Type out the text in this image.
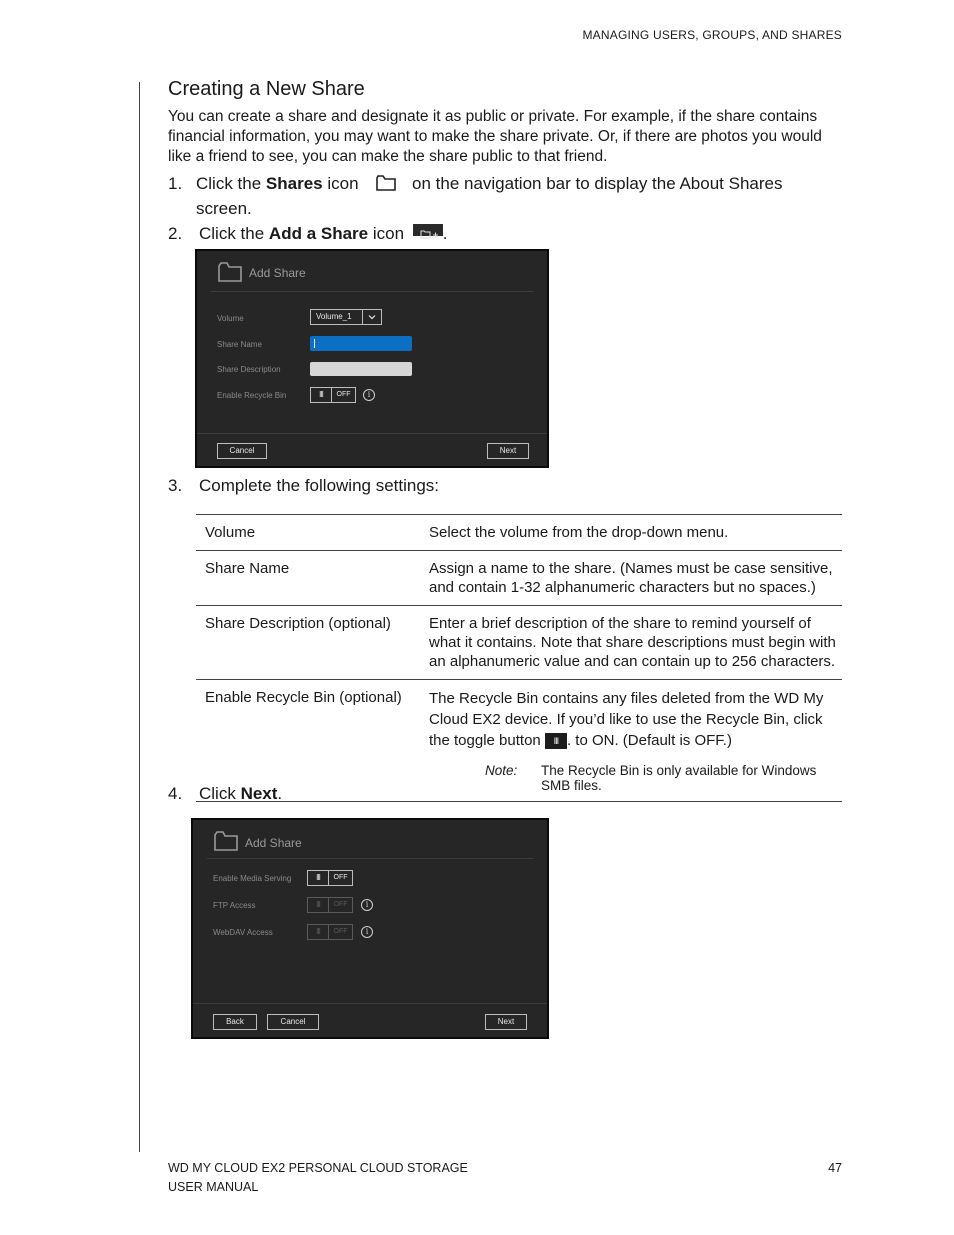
MANAGING USERS, GROUPS, AND SHARES
Creating a New Share
You can create a share and designate it as public or private. For example, if the share contains financial information, you may want to make the share private. Or, if there are photos you would like a friend to see, you can make the share public to that friend.
1. Click the Shares icon	on the navigation bar to display the About Shares
screen.
2. Click the Add a Share icon .
Add Share
Volume	Volume_1
Share Name
Share Description
Enable Recycle Bin	III	OFF	i
Cancel	Next
3. Complete the following settings:
Volume	Select the volume from the drop-down menu.
Share Name	Assign a name to the share. (Names must be case sensitive, and contain 1-32 alphanumeric characters but no spaces.)
Share Description (optional)	Enter a brief description of the share to remind yourself of what it contains. Note that share descriptions must begin with an alphanumeric value and can contain up to 256 characters.
Enable Recycle Bin (optional)	The Recycle Bin contains any files deleted from the WD My Cloud EX2 device. If you’d like to use the Recycle Bin, click the toggle button III . to ON. (Default is OFF.)
Note: The Recycle Bin is only available for Windows SMB files.
4. Click Next.
Add Share
Enable Media Serving	III	OFF
FTP Access	III	OFF	i
WebDAV Access	III	OFF	i
Back	Cancel	Next
WD MY CLOUD EX2 PERSONAL CLOUD STORAGE
USER MANUAL
47
